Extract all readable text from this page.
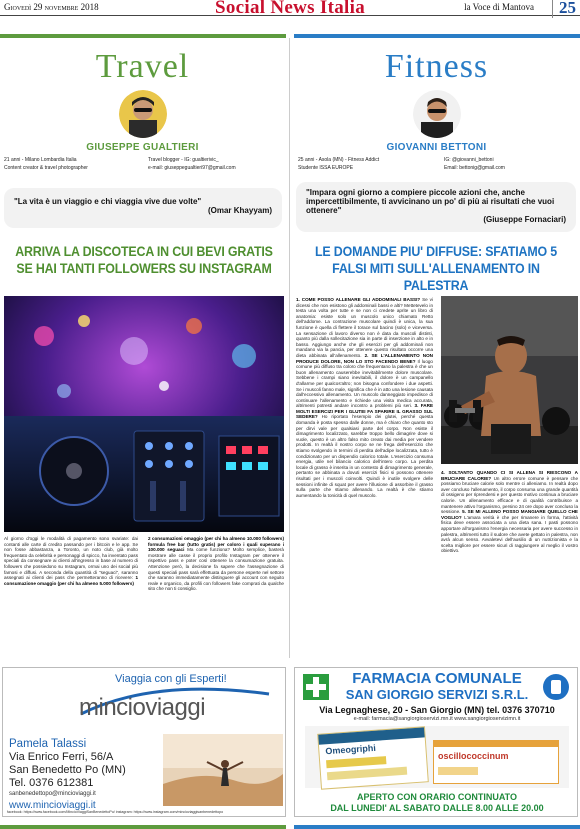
Giovedì 29 novembre 2018	Social News Italia	la Voce di Mantova	25
Travel
GIUSEPPE GUALTIERI
21 anni - Milano Lombardia Italia
Content creator & travel photographer
Travel blogger - IG: gualtierivic_
e-mail: giuseppegualtieri97@gmail.com
"La vita è un viaggio e chi viaggia vive due volte"
(Omar Khayyam)
ARRIVA LA DISCOTECA IN CUI BEVI GRATIS SE HAI TANTI FOLLOWERS SU INSTAGRAM
Al giorno d'oggi le modalità di pagamento sono svariate: dai contanti alle carte di credito passando per i bitcoin e le app. Se non fosse abbastanza, a Toronto, un noto club, già molto frequentato da celebrità e personaggi di spicco, ha inventato pass speciali da consegnare ai clienti all'ingresso in base al numero di followers che possiedono su Instagram, ormai uno dei social più famosi e diffusi. A seconda della quantità di "seguaci", saranno assegnati ai clienti dei pass che permetteranno di ricevere: 1 consumazione omaggio (per chi ha almeno 5.000 followers)
2 consumazioni omaggio (per chi ha almeno 10.000 followers) formula free bar (tutto gratis) per coloro i quali superano i 100.000 seguaci Ma come funziona? Molto semplice, basterà mostrare alle casse il proprio profilo Instagram per ottenere il rispettivo pass e poter così ottenere la consumazione gratuita. Attenzione però, la decisione fa sapere che l'assegnazione di questi speciali pass sarà effettuata da persone esperte nel settore che saranno immediatamente distinguere gli account con seguito reale e organico, da profili con followers fake comprati da qualche sito che non ti consiglio.
Fitness
GIOVANNI BETTONI
25 anni - Asola (MN) - Fitness Addict
Studente ISSA EUROPE
IG: @giovanni_bettoni
Email: bettonig@gmail.com
"Impara ogni giorno a compiere piccole azioni che, anche impercettibilmente, ti avvicinano un po' di più ai risultati che vuoi ottenere"
(Giuseppe Fornaciari)
LE DOMANDE PIU' DIFFUSE: SFATIAMO 5 FALSI MITI SULL'ALLENAMENTO IN PALESTRA
1. COME POSSO ALLENARE GLI ADDOMINALI BASSI? Se vi dicessi che non esistono gli addominali bassi e alti? Mettetevelo in testa una volta per tutte e se non ci credete aprite un libro di anatomia: esiste solo un muscolo unico chiamato Retto dell'addome. La contrazione muscolare quindi è unica, la sua funzione è quella di flettere il torace sul bacino (solo) e viceversa. La sensazione di lavoro diverso non è data da muscoli distinti, quanto più dalla sollecitazione sia in parte di inserzione in alto e in basso. Aggiungo anche che gli esercizi per gli addominali non mandano via la pancia, per ottenere questo risultato occorre una dieta abbinata all'allenamento. 2. SE L'ALLENAMENTO NON PRODUCE DOLORE, NON LO STO FACENDO BENE? Il luogo comune più diffuso tra coloro che frequentano la palestra è che un buon allenamento causerebbe inevitabilmente dolore muscolare. Sebbene i crampi siano inevitabili, il dolore è un campanello d'allarme per qualcos'altro; non bisogna confondere i due aspetti. Se i muscoli fanno male, significa che è in atto una lesione causata dall'eccessivo allenamento. Un muscolo danneggiato impedisce di continuare l'allenamento e richiede una visita medica accurata, altrimenti potresti andare incontro a problemi più seri. 3. FARE MOLTI ESERCIZI PER I GLUTEI FA SPARIRE IL GRASSO SUL SEDERE? Ho riportato l'esempio dei glutei, perché questa domanda è posta spesso dalle donne, ma è chiaro che quanto sto per dirvi vale per qualsiasi parte del corpo. Non esiste il dimagrimento localizzato, sarebbe troppo bello dimagrire dove si vuole, questo è un altro falso mito creato dai media per vendere prodotti. In realtà il nostro corpo se ne frega dell'esercizio che stiamo svolgendo in termini di perdita dell'adipe localizzata, tutto è condizionato per un dispendio calorico totale. L'esercizio consuma energia, utile nel bilancio calorico dell'intero corpo. La perdita locale di grasso è inserita in un contesto di dimagrimento generale, pertanto se abbinata a dovuti esercizi fisici si possono ottenere risultati per i muscoli coinvolti. Quindi è inutile svolgere delle sessioni infinite di squat per avere l'illusione di assorbire il grasso sulla parte che stiamo allenando. La realtà è che stiamo aumentando la tonicità di quel muscolo.
4. SOLTANTO QUANDO CI SI ALLENA SI RIESCONO A BRUCIARE CALORIE? Un altro errore comune è pensare che possiamo bruciare calorie solo mentre ci alleniamo. In realtà dopo aver concluso l'allenamento, il corpo consuma una grande quantità di ossigeno per riprendersi e per questo motivo continua a bruciare calorie. Un allenamento efficace e di qualità contribuisce a mantenere attivo l'organismo, persino 24 ore dopo aver concluso la sessione. 5. SE MI ALLENO POSSO MANGIARE QUELLO CHE VOGLIO? L'amara verità è che per rimanere in forma, l'attività fisica deve essere associata a una dieta sana. I pasti possono apportare all'organismo l'energia necessaria per avere successo in palestra, altrimenti tutto il sudore che avete gettato in palestra, non avrà alcun senso. Avvaletevi dell'ausilio di un nutrizionista e la scelta migliore per essere sicuri di raggiungere al meglio il vostro obiettivo.
Viaggia con gli Esperti!
mincioviaggi
Pamela Talassi
Via Enrico Ferri, 56/A
San Benedetto Po (MN)
Tel. 0376 612381
sanbenedettopo@mincioviaggi.it
www.mincioviaggi.it
facebook: https://www.facebook.com/MincioViaggiSanBenedettoPo/ instagram: https://www.instagram.com/mincioviaggisanbenedettopo
FARMACIA COMUNALE
SAN GIORGIO SERVIZI S.R.L.
Via Legnaghese, 20 - San Giorgio (MN) tel. 0376 370710
e-mail: farmacia@sangiorgioservizi.mn.it www.sangiorgioservizimn.it
Omeogriphi	oscillococcinum
APERTO CON ORARIO CONTINUATO
DAL LUNEDI' AL SABATO DALLE 8.00 ALLE 20.00
